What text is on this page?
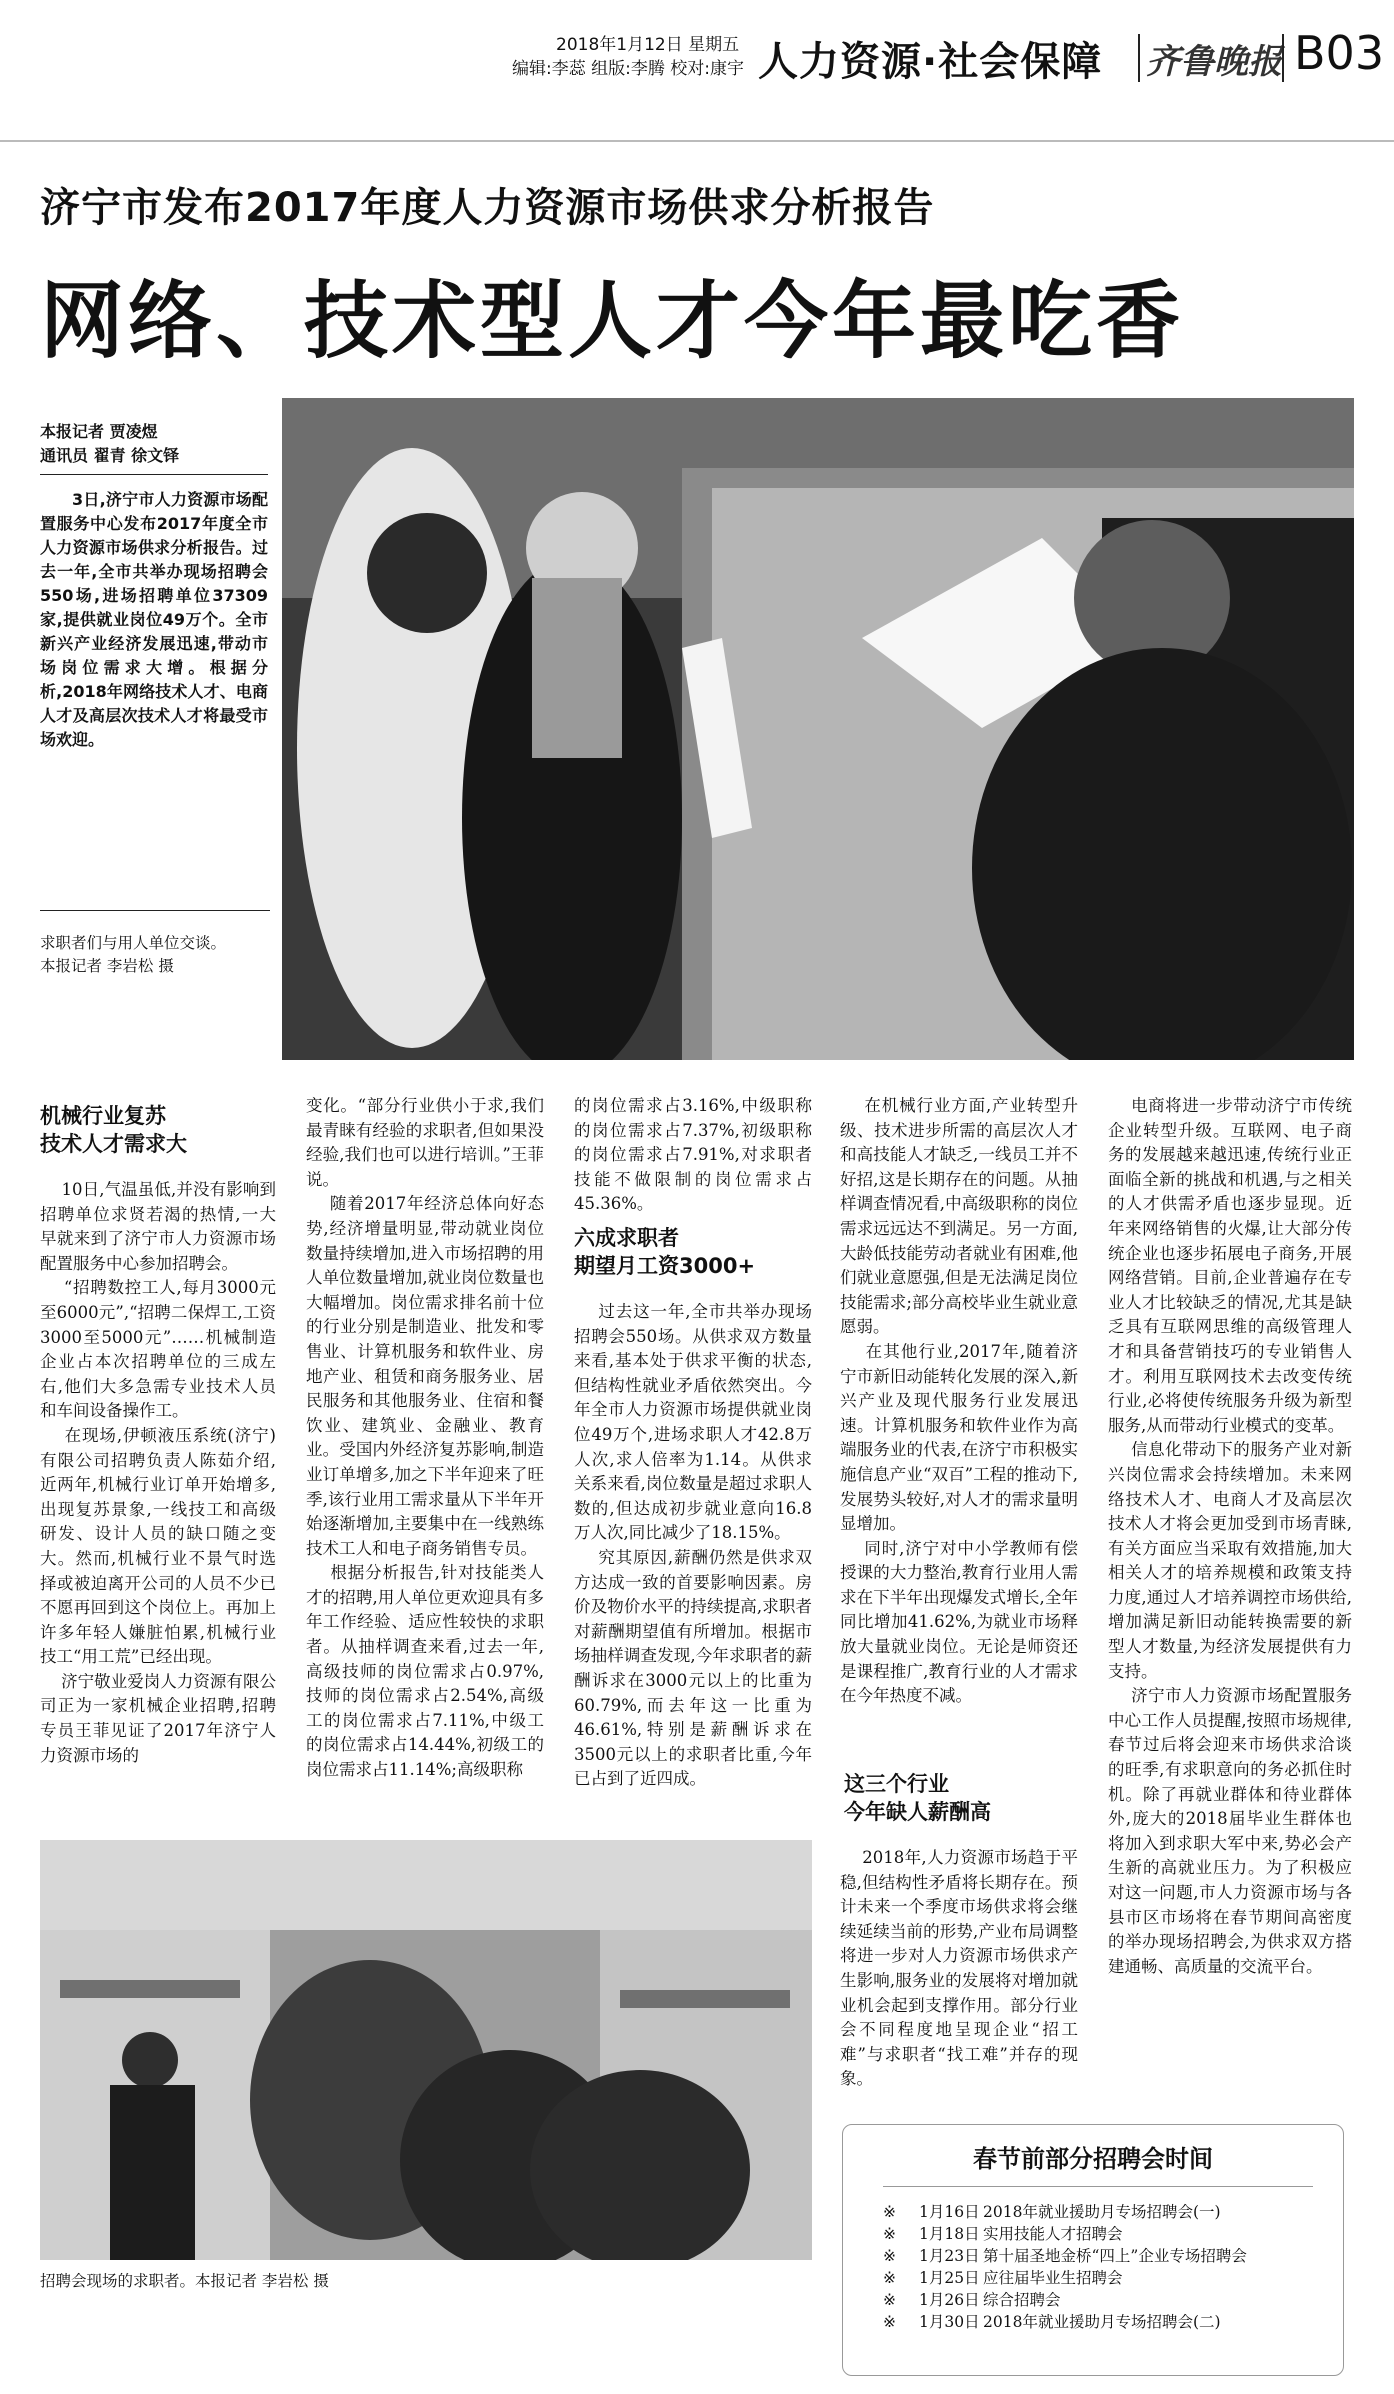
2018年1月12日 星期五
编辑:李蕊 组版:李腾 校对:康宇 人力资源·社会保障 齐鲁晚报 B03
济宁市发布2017年度人力资源市场供求分析报告
网络、技术型人才今年最吃香
本报记者 贾凌煜
通讯员 翟青 徐文铎
3日,济宁市人力资源市场配置服务中心发布2017年度全市人力资源市场供求分析报告。过去一年,全市共举办现场招聘会550场,进场招聘单位37309家,提供就业岗位49万个。全市新兴产业经济发展迅速,带动市场岗位需求大增。根据分析,2018年网络技术人才、电商人才及高层次技术人才将最受市场欢迎。
求职者们与用人单位交谈。
本报记者 李岩松 摄
机械行业复苏
技术人才需求大
10日,气温虽低,并没有影响到招聘单位求贤若渴的热情,一大早就来到了济宁市人力资源市场配置服务中心参加招聘会。
“招聘数控工人,每月3000元至6000元”,“招聘二保焊工,工资3000至5000元”……机械制造企业占本次招聘单位的三成左右,他们大多急需专业技术人员和车间设备操作工。
在现场,伊顿液压系统(济宁)有限公司招聘负责人陈茹介绍,近两年,机械行业订单开始增多,出现复苏景象,一线技工和高级研发、设计人员的缺口随之变大。然而,机械行业不景气时选择或被迫离开公司的人员不少已不愿再回到这个岗位上。再加上许多年轻人嫌脏怕累,机械行业技工“用工荒”已经出现。
济宁敬业爱岗人力资源有限公司正为一家机械企业招聘,招聘专员王菲见证了2017年济宁人力资源市场的
变化。“部分行业供小于求,我们最青睐有经验的求职者,但如果没经验,我们也可以进行培训。”王菲说。
随着2017年经济总体向好态势,经济增量明显,带动就业岗位数量持续增加,进入市场招聘的用人单位数量增加,就业岗位数量也大幅增加。岗位需求排名前十位的行业分别是制造业、批发和零售业、计算机服务和软件业、房地产业、租赁和商务服务业、居民服务和其他服务业、住宿和餐饮业、建筑业、金融业、教育业。受国内外经济复苏影响,制造业订单增多,加之下半年迎来了旺季,该行业用工需求量从下半年开始逐渐增加,主要集中在一线熟练技术工人和电子商务销售专员。
根据分析报告,针对技能类人才的招聘,用人单位更欢迎具有多年工作经验、适应性较快的求职者。从抽样调查来看,过去一年,高级技师的岗位需求占0.97%,技师的岗位需求占2.54%,高级工的岗位需求占7.11%,中级工的岗位需求占14.44%,初级工的岗位需求占11.14%;高级职称
的岗位需求占3.16%,中级职称的岗位需求占7.37%,初级职称的岗位需求占7.91%,对求职者技能不做限制的岗位需求占45.36%。
六成求职者
期望月工资3000+
过去这一年,全市共举办现场招聘会550场。从供求双方数量来看,基本处于供求平衡的状态,但结构性就业矛盾依然突出。今年全市人力资源市场提供就业岗位49万个,进场求职人才42.8万人次,求人倍率为1.14。从供求关系来看,岗位数量是超过求职人数的,但达成初步就业意向16.8万人次,同比减少了18.15%。
究其原因,薪酬仍然是供求双方达成一致的首要影响因素。房价及物价水平的持续提高,求职者对薪酬期望值有所增加。根据市场抽样调查发现,今年求职者的薪酬诉求在3000元以上的比重为60.79%,而去年这一比重为46.61%,特别是薪酬诉求在3500元以上的求职者比重,今年已占到了近四成。
在机械行业方面,产业转型升级、技术进步所需的高层次人才和高技能人才缺乏,一线员工并不好招,这是长期存在的问题。从抽样调查情况看,中高级职称的岗位需求远远达不到满足。另一方面,大龄低技能劳动者就业有困难,他们就业意愿强,但是无法满足岗位技能需求;部分高校毕业生就业意愿弱。
在其他行业,2017年,随着济宁市新旧动能转化发展的深入,新兴产业及现代服务行业发展迅速。计算机服务和软件业作为高端服务业的代表,在济宁市积极实施信息产业“双百”工程的推动下,发展势头较好,对人才的需求量明显增加。
同时,济宁对中小学教师有偿授课的大力整治,教育行业用人需求在下半年出现爆发式增长,全年同比增加41.62%,为就业市场释放大量就业岗位。无论是师资还是课程推广,教育行业的人才需求在今年热度不减。
这三个行业
今年缺人薪酬高
2018年,人力资源市场趋于平稳,但结构性矛盾将长期存在。预计未来一个季度市场供求将会继续延续当前的形势,产业布局调整将进一步对人力资源市场供求产生影响,服务业的发展将对增加就业机会起到支撑作用。部分行业会不同程度地呈现企业“招工难”与求职者“找工难”并存的现象。
电商将进一步带动济宁市传统企业转型升级。互联网、电子商务的发展越来越迅速,传统行业正面临全新的挑战和机遇,与之相关的人才供需矛盾也逐步显现。近年来网络销售的火爆,让大部分传统企业也逐步拓展电子商务,开展网络营销。目前,企业普遍存在专业人才比较缺乏的情况,尤其是缺乏具有互联网思维的高级管理人才和具备营销技巧的专业销售人才。利用互联网技术去改变传统行业,必将使传统服务升级为新型服务,从而带动行业模式的变革。
信息化带动下的服务产业对新兴岗位需求会持续增加。未来网络技术人才、电商人才及高层次技术人才将会更加受到市场青睐,有关方面应当采取有效措施,加大相关人才的培养规模和政策支持力度,通过人才培养调控市场供给,增加满足新旧动能转换需要的新型人才数量,为经济发展提供有力支持。
济宁市人力资源市场配置服务中心工作人员提醒,按照市场规律,春节过后将会迎来市场供求洽谈的旺季,有求职意向的务必抓住时机。除了再就业群体和待业群体外,庞大的2018届毕业生群体也将加入到求职大军中来,势必会产生新的高就业压力。为了积极应对这一问题,市人力资源市场与各县市区市场将在春节期间高密度的举办现场招聘会,为供求双方搭建通畅、高质量的交流平台。
招聘会现场的求职者。本报记者 李岩松 摄
春节前部分招聘会时间
※	1月16日 2018年就业援助月专场招聘会(一)
※	1月18日 实用技能人才招聘会
※	1月23日 第十届圣地金桥“四上”企业专场招聘会
※	1月25日 应往届毕业生招聘会
※	1月26日 综合招聘会
※	1月30日 2018年就业援助月专场招聘会(二)
